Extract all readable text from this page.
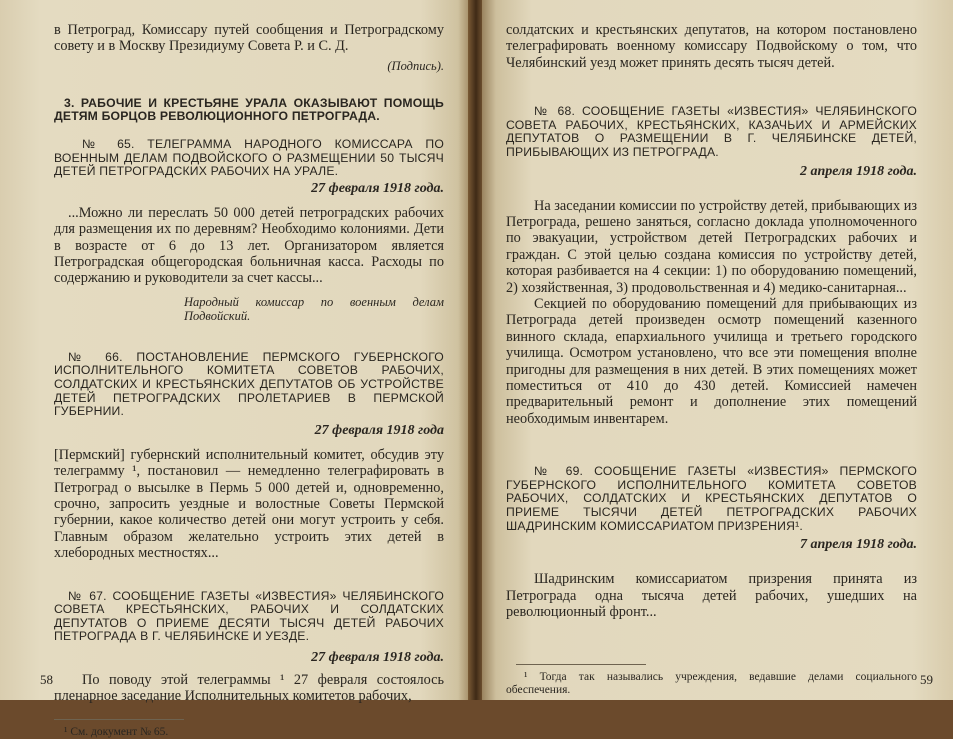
в Петроград, Комиссару путей сообщения и Петроградскому совету и в Москву Президиуму Совета Р. и С. Д.

(Подпись).

3. РАБОЧИЕ И КРЕСТЬЯНЕ УРАЛА ОКАЗЫВАЮТ ПОМОЩЬ ДЕТЯМ БОРЦОВ РЕВОЛЮЦИОННОГО ПЕТРОГРАДА.

№ 65. ТЕЛЕГРАММА НАРОДНОГО КОМИССАРА ПО ВОЕННЫМ ДЕЛАМ ПОДВОЙСКОГО О РАЗМЕЩЕНИИ 50 ТЫСЯЧ ДЕТЕЙ ПЕТРОГРАДСКИХ РАБОЧИХ НА УРАЛЕ.

27 февраля 1918 года.

...Можно ли переслать 50 000 детей петроградских рабочих для размещения их по деревням? Необходимо колониями. Дети в возрасте от 6 до 13 лет. Организатором является Петроградская общегородская больничная касса. Расходы по содержанию и руководители за счет кассы...

Народный комиссар по военным делам Подвойский.

№ 66. ПОСТАНОВЛЕНИЕ ПЕРМСКОГО ГУБЕРНСКОГО ИСПОЛНИТЕЛЬНОГО КОМИТЕТА СОВЕТОВ РАБОЧИХ, СОЛДАТСКИХ И КРЕСТЬЯНСКИХ ДЕПУТАТОВ ОБ УСТРОЙСТВЕ ДЕТЕЙ ПЕТРОГРАДСКИХ ПРОЛЕТАРИЕВ В ПЕРМСКОЙ ГУБЕРНИИ.

27 февраля 1918 года

[Пермский] губернский исполнительный комитет, обсудив эту телеграмму ¹, постановил — немедленно телеграфировать в Петроград о высылке в Пермь 5 000 детей и, одновременно, срочно, запросить уездные и волостные Советы Пермской губернии, какое количество детей они могут устроить у себя. Главным образом желательно устроить этих детей в хлебородных местностях...

№ 67. СООБЩЕНИЕ ГАЗЕТЫ «ИЗВЕСТИЯ» ЧЕЛЯБИНСКОГО СОВЕТА КРЕСТЬЯНСКИХ, РАБОЧИХ И СОЛДАТСКИХ ДЕПУТАТОВ О ПРИЕМЕ ДЕСЯТИ ТЫСЯЧ ДЕТЕЙ РАБОЧИХ ПЕТРОГРАДА В Г. ЧЕЛЯБИНСКЕ И УЕЗДЕ.

27 февраля 1918 года.

По поводу этой телеграммы ¹ 27 февраля состоялось пленарное заседание Исполнительных комитетов рабочих,

¹ См. документ № 65.

58

солдатских и крестьянских депутатов, на котором постановлено телеграфировать военному комиссару Подвойскому о том, что Челябинский уезд может принять десять тысяч детей.

№ 68. СООБЩЕНИЕ ГАЗЕТЫ «ИЗВЕСТИЯ» ЧЕЛЯБИНСКОГО СОВЕТА РАБОЧИХ, КРЕСТЬЯНСКИХ, КАЗАЧЬИХ И АРМЕЙСКИХ ДЕПУТАТОВ О РАЗМЕЩЕНИИ В Г. ЧЕЛЯБИНСКЕ ДЕТЕЙ, ПРИБЫВАЮЩИХ ИЗ ПЕТРОГРАДА.

2 апреля 1918 года.

На заседании комиссии по устройству детей, прибывающих из Петрограда, решено заняться, согласно доклада уполномоченного по эвакуации, устройством детей Петроградских рабочих и граждан. С этой целью создана комиссия по устройству детей, которая разбивается на 4 секции: 1) по оборудованию помещений, 2) хозяйственная, 3) продовольственная и 4) медико-санитарная...

Секцией по оборудованию помещений для прибывающих из Петрограда детей произведен осмотр помещений казенного винного склада, епархиального училища и третьего городского училища. Осмотром установлено, что все эти помещения вполне пригодны для размещения в них детей. В этих помещениях может поместиться от 410 до 430 детей. Комиссией намечен предварительный ремонт и дополнение этих помещений необходимым инвентарем.

№ 69. СООБЩЕНИЕ ГАЗЕТЫ «ИЗВЕСТИЯ» ПЕРМСКОГО ГУБЕРНСКОГО ИСПОЛНИТЕЛЬНОГО КОМИТЕТА СОВЕТОВ РАБОЧИХ, СОЛДАТСКИХ И КРЕСТЬЯНСКИХ ДЕПУТАТОВ О ПРИЕМЕ ТЫСЯЧИ ДЕТЕЙ ПЕТРОГРАДСКИХ РАБОЧИХ ШАДРИНСКИМ КОМИССАРИАТОМ ПРИЗРЕНИЯ¹.

7 апреля 1918 года.

Шадринским комиссариатом призрения принята из Петрограда одна тысяча детей рабочих, ушедших на революционный фронт...

¹ Тогда так назывались учреждения, ведавшие делами социального обеспечения.

59
